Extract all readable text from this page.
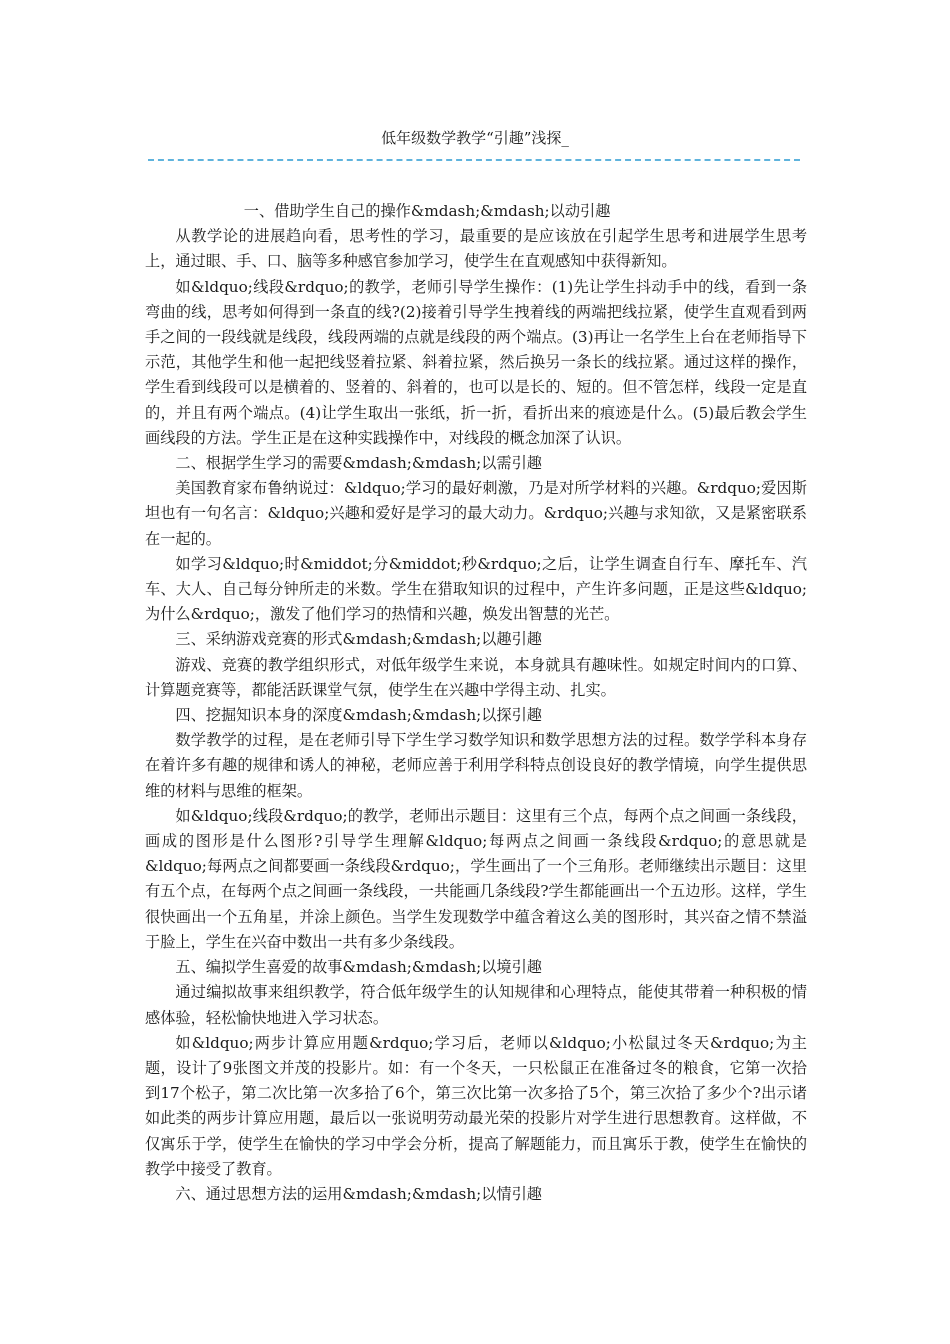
低年级数学教学“引趣”浅探_

一、借助学生自己的操作&mdash;&mdash;以动引趣

从教学论的进展趋向看，思考性的学习，最重要的是应该放在引起学生思考和进展学生思考上，通过眼、手、口、脑等多种感官参加学习，使学生在直观感知中获得新知。

如&ldquo;线段&rdquo;的教学，老师引导学生操作：(1)先让学生抖动手中的线，看到一条弯曲的线，思考如何得到一条直的线?(2)接着引导学生拽着线的两端把线拉紧，使学生直观看到两手之间的一段线就是线段，线段两端的点就是线段的两个端点。(3)再让一名学生上台在老师指导下示范，其他学生和他一起把线竖着拉紧、斜着拉紧，然后换另一条长的线拉紧。通过这样的操作，学生看到线段可以是横着的、竖着的、斜着的，也可以是长的、短的。但不管怎样，线段一定是直的，并且有两个端点。(4)让学生取出一张纸，折一折，看折出来的痕迹是什么。(5)最后教会学生画线段的方法。学生正是在这种实践操作中，对线段的概念加深了认识。

二、根据学生学习的需要&mdash;&mdash;以需引趣

美国教育家布鲁纳说过：&ldquo;学习的最好刺激，乃是对所学材料的兴趣。&rdquo;爱因斯坦也有一句名言：&ldquo;兴趣和爱好是学习的最大动力。&rdquo;兴趣与求知欲，又是紧密联系在一起的。

如学习&ldquo;时&middot;分&middot;秒&rdquo;之后，让学生调查自行车、摩托车、汽车、大人、自己每分钟所走的米数。学生在猎取知识的过程中，产生许多问题，正是这些&ldquo;为什么&rdquo;，激发了他们学习的热情和兴趣，焕发出智慧的光芒。

三、采纳游戏竞赛的形式&mdash;&mdash;以趣引趣

游戏、竞赛的教学组织形式，对低年级学生来说，本身就具有趣味性。如规定时间内的口算、计算题竞赛等，都能活跃课堂气氛，使学生在兴趣中学得主动、扎实。

四、挖掘知识本身的深度&mdash;&mdash;以探引趣

数学教学的过程，是在老师引导下学生学习数学知识和数学思想方法的过程。数学学科本身存在着许多有趣的规律和诱人的神秘，老师应善于利用学科特点创设良好的教学情境，向学生提供思维的材料与思维的框架。

如&ldquo;线段&rdquo;的教学，老师出示题目：这里有三个点，每两个点之间画一条线段，画成的图形是什么图形?引导学生理解&ldquo;每两点之间画一条线段&rdquo;的意思就是&ldquo;每两点之间都要画一条线段&rdquo;，学生画出了一个三角形。老师继续出示题目：这里有五个点，在每两个点之间画一条线段，一共能画几条线段?学生都能画出一个五边形。这样，学生很快画出一个五角星，并涂上颜色。当学生发现数学中蕴含着这么美的图形时，其兴奋之情不禁溢于脸上，学生在兴奋中数出一共有多少条线段。

五、编拟学生喜爱的故事&mdash;&mdash;以境引趣

通过编拟故事来组织教学，符合低年级学生的认知规律和心理特点，能使其带着一种积极的情感体验，轻松愉快地进入学习状态。

如&ldquo;两步计算应用题&rdquo;学习后，老师以&ldquo;小松鼠过冬天&rdquo;为主题，设计了9张图文并茂的投影片。如：有一个冬天，一只松鼠正在准备过冬的粮食，它第一次拾到17个松子，第二次比第一次多拾了6个，第三次比第一次多拾了5个，第三次拾了多少个?出示诸如此类的两步计算应用题，最后以一张说明劳动最光荣的投影片对学生进行思想教育。这样做，不仅寓乐于学，使学生在愉快的学习中学会分析，提高了解题能力，而且寓乐于教，使学生在愉快的教学中接受了教育。

六、通过思想方法的运用&mdash;&mdash;以情引趣
